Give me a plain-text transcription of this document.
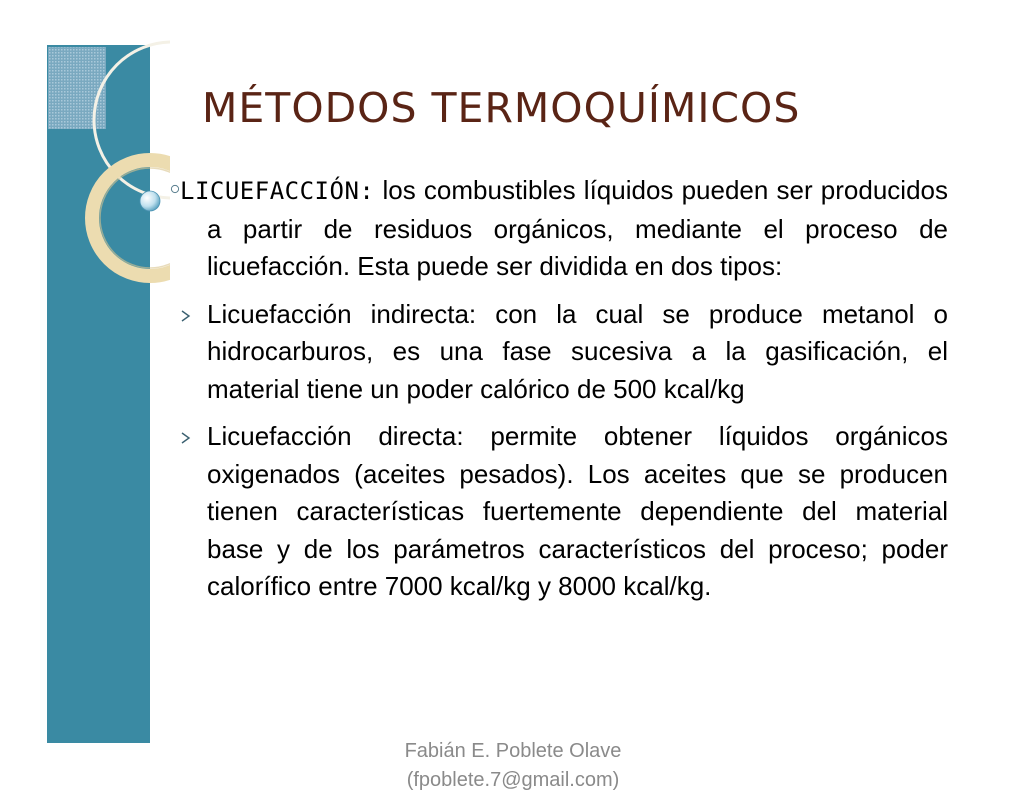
MÉTODOS TERMOQUÍMICOS
LICUEFACCIÓN: los combustibles líquidos pueden ser producidos a partir de residuos orgánicos, mediante el proceso de licuefacción. Esta puede ser dividida en dos tipos:
Licuefacción indirecta: con la cual se produce metanol o hidrocarburos, es una fase sucesiva a la gasificación, el material tiene un poder calórico de 500 kcal/kg
Licuefacción directa: permite obtener líquidos orgánicos oxigenados (aceites pesados). Los aceites que se producen tienen características fuertemente dependiente del material base y de los parámetros característicos del proceso; poder calorífico entre 7000 kcal/kg y 8000 kcal/kg.
Fabián E. Poblete Olave
(fpoblete.7@gmail.com)
